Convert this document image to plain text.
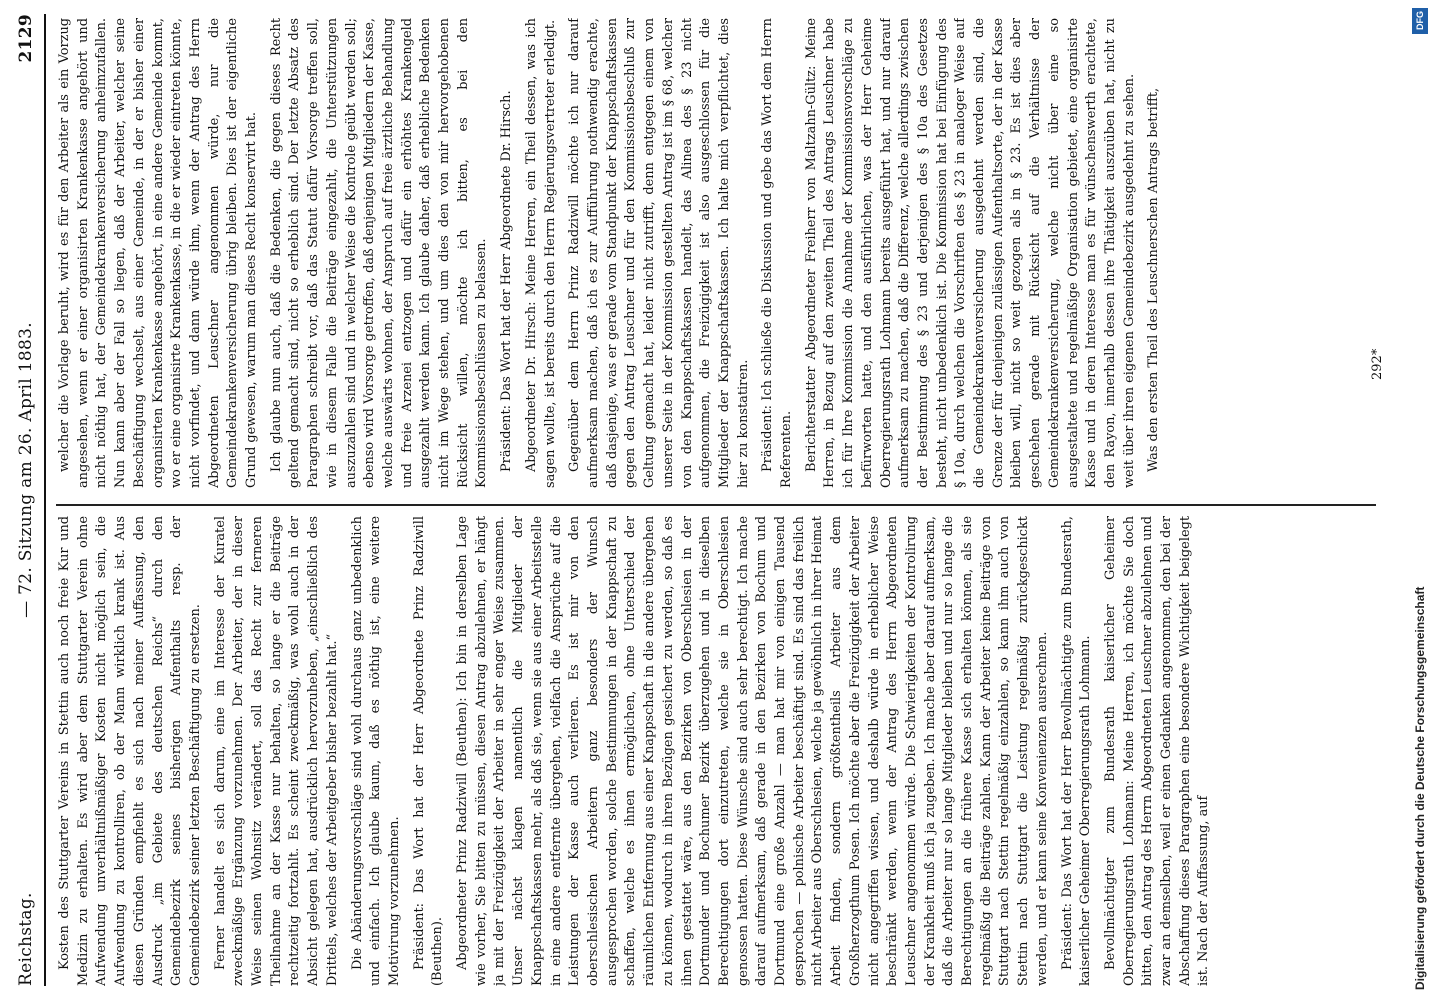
Reichstag.
— 72. Sitzung am 26. April 1883.
2129

Kosten des Stuttgarter Vereins in Stettin auch noch freie Kur und Medizin zu erhalten. Es wird aber dem Stuttgarter Verein ohne Aufwendung unverhältnißmäßiger Kosten nicht möglich sein, die Aufwendung zu kontrolliren, ob der Mann wirklich krank ist. Aus diesen Gründen empfiehlt es sich nach meiner Auffassung, den Ausdruck „im Gebiete des deutschen Reichs“ durch den Gemeindebezirk seines bisherigen Aufenthalts resp. der Gemeindebezirk seiner letzten Beschäftigung zu ersetzen. Ferner handelt es sich darum, eine im Interesse der Kuratel zweckmäßige Ergänzung vorzunehmen. Der Arbeiter, der in dieser Weise seinen Wohnsitz verändert, soll das Recht zur ferneren Theilnahme an der Kasse nur behalten, so lange er die Beiträge rechtzeitig fortzahlt. Es scheint zweckmäßig, was wohl auch in der Absicht gelegen hat, ausdrücklich hervorzuheben, „einschließlich des Drittels, welches der Arbeitgeber bisher bezahlt hat.“ Die Abänderungsvorschläge sind wohl durchaus ganz unbedenklich und einfach. Ich glaube kaum, daß es nöthig ist, eine weitere Motivirung vorzunehmen. Präsident: Das Wort hat der Herr Abgeordnete Prinz Radziwill (Beuthen). Abgeordneter Prinz Radziwill (Beuthen): Ich bin in derselben Lage wie vorher, Sie bitten zu müssen, diesen Antrag abzulehnen, er hängt ja mit der Freizügigkeit der Arbeiter in sehr enger Weise zusammen. Unser nächst klagen namentlich die Mitglieder der Knappschaftskassen mehr, als daß sie, wenn sie aus einer Arbeitsstelle in eine andere entfernte übergehen, vielfach die Ansprüche auf die Leistungen der Kasse auch verlieren. Es ist mir von den oberschlesischen Arbeitern ganz besonders der Wunsch ausgesprochen worden, solche Bestimmungen in der Knappschaft zu schaffen, welche es ihnen ermöglichen, ohne Unterschied der räumlichen Entfernung aus einer Knappschaft in die andere übergehen zu können, wodurch in ihren Bezügen gesichert zu werden, so daß es ihnen gestattet wäre, aus den Bezirken von Oberschlesien in der Dortmunder und Bochumer Bezirk überzugehen und in dieselben Berechtigungen dort einzutreten, welche sie in Oberschlesien genossen hatten. Diese Wünsche sind auch sehr berechtigt. Ich mache darauf aufmerksam, daß gerade in den Bezirken von Bochum und Dortmund eine große Anzahl — man hat mir von einigen Tausend gesprochen — polnische Arbeiter beschäftigt sind. Es sind das freilich nicht Arbeiter aus Oberschlesien, welche ja gewöhnlich in ihrer Heimat Arbeit finden, sondern größtentheils Arbeiter aus dem Großherzogthum Posen. Ich möchte aber die Freizügigkeit der Arbeiter nicht angegriffen wissen, und deshalb würde in erheblicher Weise beschränkt werden, wenn der Antrag des Herrn Abgeordneten Leuschner angenommen würde. Die Schwierigkeiten der Kontrolirung der Krankheit muß ich ja zugeben. Ich mache aber darauf aufmerksam, daß die Arbeiter nur so lange Mitglieder bleiben und nur so lange die Berechtigungen an die frühere Kasse sich erhalten können, als sie regelmäßig die Beiträge zahlen. Kann der Arbeiter keine Beiträge von Stuttgart nach Stettin regelmäßig einzahlen, so kann ihm auch von Stettin nach Stuttgart die Leistung regelmäßig zurückgeschickt werden, und er kann seine Konvenienzen ausrechnen. Präsident: Das Wort hat der Herr Bevollmächtigte zum Bundesrath, kaiserlicher Geheimer Oberregierungsrath Lohmann. Bevollmächtigter zum Bundesrath kaiserlicher Geheimer Oberregierungsrath Lohmann: Meine Herren, ich möchte Sie doch bitten, den Antrag des Herrn Abgeordneten Leuschner abzulehnen und zwar an demselben, weil er einen Gedanken angenommen, den bei der Abschaffung dieses Paragraphen eine besondere Wichtigkeit beigelegt ist. Nach der Auffassung, auf

welcher die Vorlage beruht, wird es für den Arbeiter als ein Vorzug angesehen, wenn er einer organisirten Krankenkasse angehört und nicht nöthig hat, der Gemeindekrankenversicherung anheimzufallen. Nun kann aber der Fall so liegen, daß der Arbeiter, welcher seine Beschäftigung wechselt, aus einer Gemeinde, in der er bisher einer organisirten Krankenkasse angehört, in eine andere Gemeinde kommt, wo er eine organisirte Krankenkasse, in die er wieder eintreten könnte, nicht vorfindet, und dann würde ihm, wenn der Antrag des Herrn Abgeordneten Leuschner angenommen würde, nur die Gemeindekrankenversicherung übrig bleiben. Dies ist der eigentliche Grund gewesen, warum man dieses Recht konservirt hat. Ich glaube nun auch, daß die Bedenken, die gegen dieses Recht geltend gemacht sind, nicht so erheblich sind. Der letzte Absatz des Paragraphen schreibt vor, daß das Statut dafür Vorsorge treffen soll, wie in diesem Falle die Beiträge eingezahlt, die Unterstützungen auszuzahlen sind und in welcher Weise die Kontrole geübt werden soll; ebenso wird Vorsorge getroffen, daß denjenigen Mitgliedern der Kasse, welche auswärts wohnen, der Anspruch auf freie ärztliche Behandlung und freie Arzenei entzogen und dafür ein erhöhtes Krankengeld ausgezahlt werden kann. Ich glaube daher, daß erhebliche Bedenken nicht im Wege stehen, und um dies den von mir hervorgehobenen Rücksicht willen, möchte ich bitten, es bei den Kommissionsbeschlüssen zu belassen. Präsident: Das Wort hat der Herr Abgeordnete Dr. Hirsch. Abgeordneter Dr. Hirsch: Meine Herren, ein Theil dessen, was ich sagen wollte, ist bereits durch den Herrn Regierungsvertreter erledigt. Gegenüber dem Herrn Prinz Radziwill möchte ich nur darauf aufmerksam machen, daß ich es zur Aufführung nothwendig erachte, daß dasjenige, was er gerade vom Standpunkt der Knappschaftskassen gegen den Antrag Leuschner und für den Kommissionsbeschluß zur Geltung gemacht hat, leider nicht zutrifft, denn entgegen einem von unserer Seite in der Kommission gestellten Antrag ist im § 68, welcher von den Knappschaftskassen handelt, das Alinea des § 23 nicht aufgenommen, die Freizügigkeit ist also ausgeschlossen für die Mitglieder der Knappschaftskassen. Ich halte mich verpflichtet, dies hier zu konstatiren. Präsident: Ich schließe die Diskussion und gebe das Wort dem Herrn Referenten. Berichterstatter Abgeordneter Freiherr von Maltzahn-Gültz: Meine Herren, in Bezug auf den zweiten Theil des Antrags Leuschner habe ich für Ihre Kommission die Annahme der Kommissionsvorschläge zu befürworten hatte, und den ausführlichen, was der Herr Geheime Oberregierungsrath Lohmann bereits ausgeführt hat, und nur darauf aufmerksam zu machen, daß die Differenz, welche allerdings zwischen der Bestimmung des § 23 und derjenigen des § 10a des Gesetzes besteht, nicht unbedenklich ist. Die Kommission hat bei Einfügung des § 10a, durch welchen die Vorschriften des § 23 in analoger Weise auf die Gemeindekrankenversicherung ausgedehnt werden sind, die Grenze der für denjenigen zulässigen Aufenthaltsorte, der in der Kasse bleiben will, nicht so weit gezogen als in § 23. Es ist dies aber geschehen gerade mit Rücksicht auf die Verhältnisse der Gemeindekrankenversicherung, welche nicht über eine so ausgestaltete und regelmäßige Organisation gebietet, eine organisirte Kasse und in deren Interesse man es für wünschenswerth erachtete, den Rayon, innerhalb dessen ihre Thätigkeit auszuüben hat, nicht zu weit über ihren eigenen Gemeindebezirk ausgedehnt zu sehen. Was den ersten Theil des Leuschnerschen Antrags betrifft,	292*
DFG
Digitalisierung gefördert durch die Deutsche Forschungsgemeinschaft
